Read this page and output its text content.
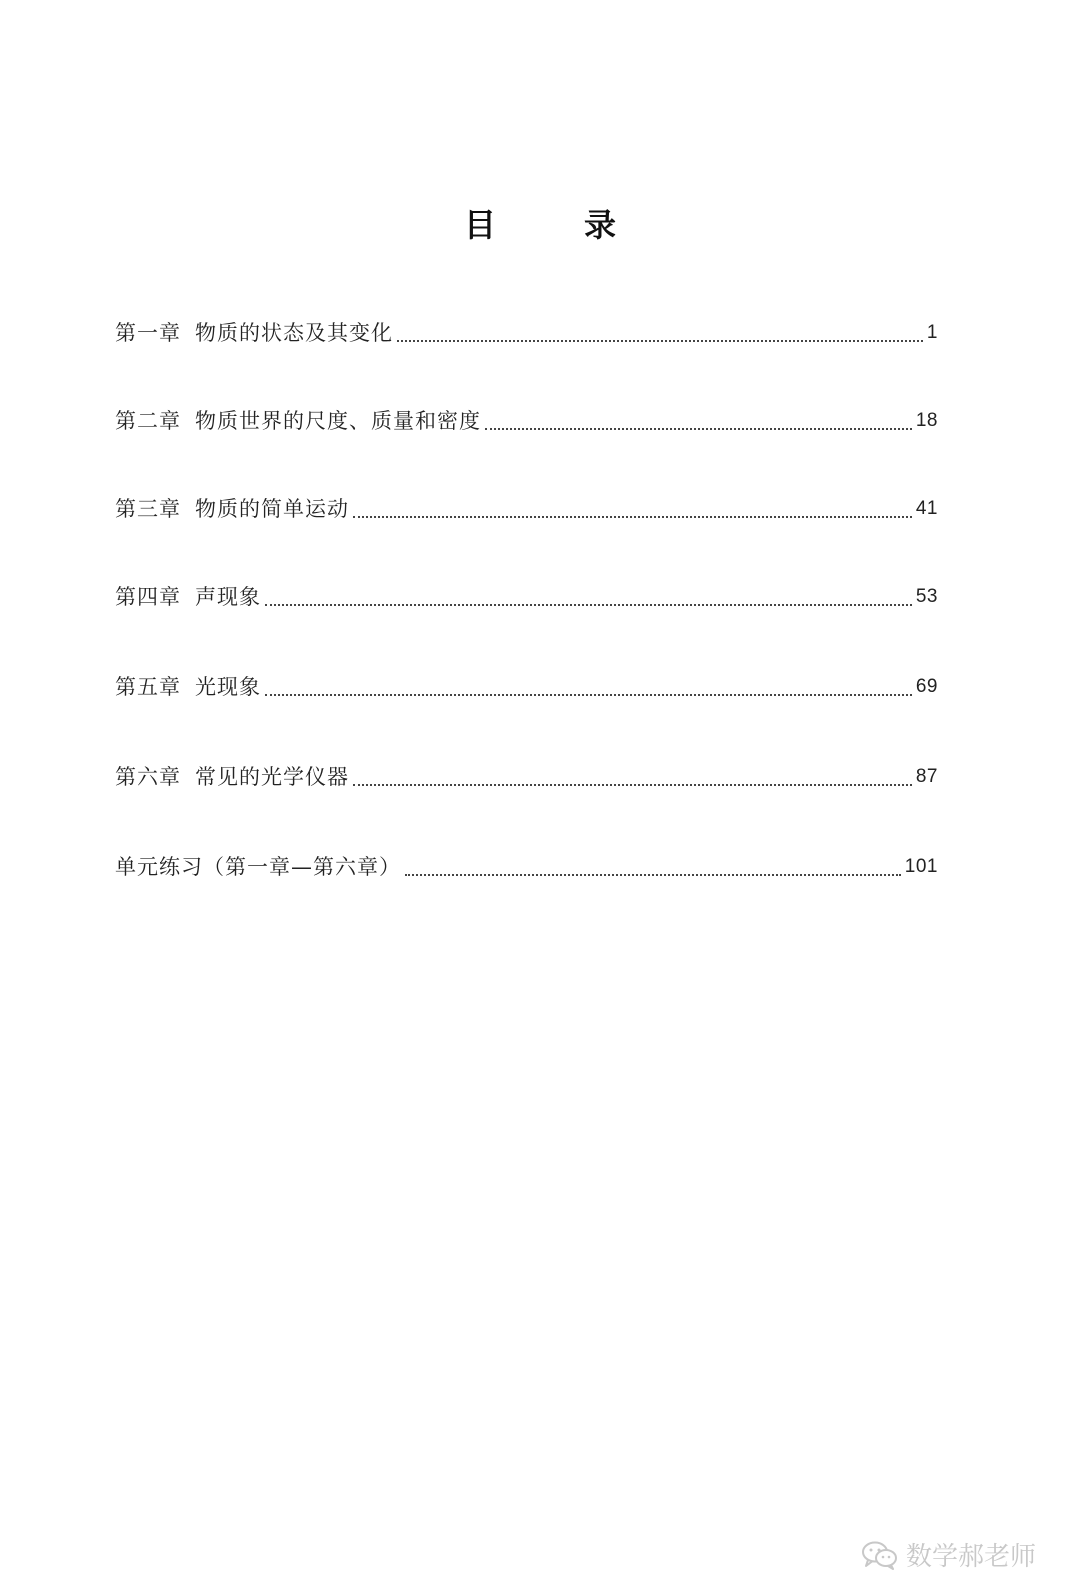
目　录
第一章 物质的状态及其变化	1
第二章 物质世界的尺度、质量和密度	18
第三章 物质的简单运动	41
第四章 声现象	53
第五章 光现象	69
第六章 常见的光学仪器	87
单元练习（第一章—第六章）	101
数学郝老师
